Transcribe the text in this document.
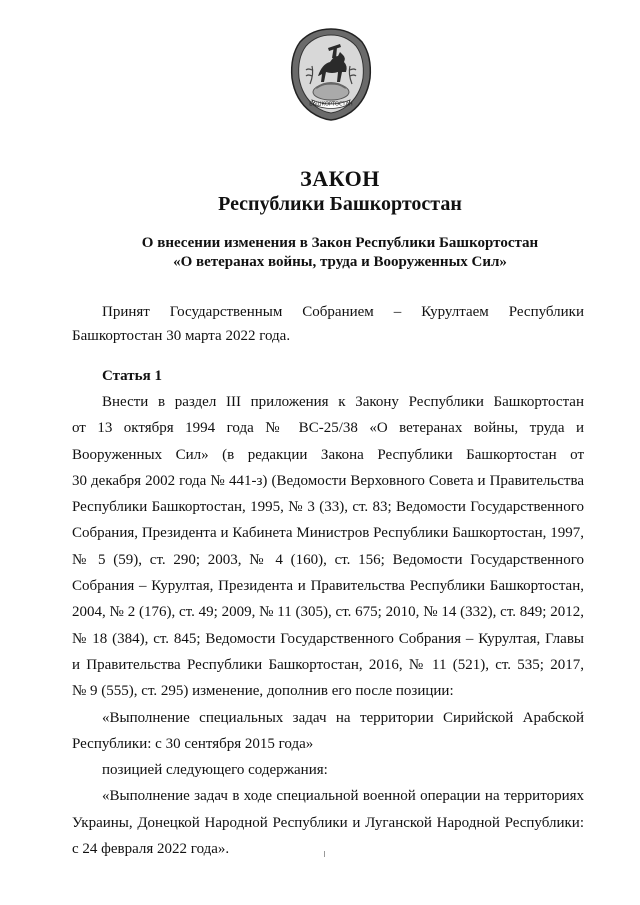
БАШКОРТОСТАН
ЗАКОН
Республики Башкортостан
О внесении изменения в Закон Республики Башкортостан
«О ветеранах войны, труда и Вооруженных Сил»
Принят Государственным Собранием – Курултаем Республики
Башкортостан 30 марта 2022 года.
Статья 1
Внести в раздел III приложения к Закону Республики Башкортостан
от 13 октября 1994 года № ВС-25/38 «О ветеранах войны, труда и
Вооруженных Сил» (в редакции Закона Республики Башкортостан от
30 декабря 2002 года № 441-з) (Ведомости Верховного Совета и Правительства
Республики Башкортостан, 1995, № 3 (33), ст. 83; Ведомости Государственного
Собрания, Президента и Кабинета Министров Республики Башкортостан, 1997,
№ 5 (59), ст. 290; 2003, № 4 (160), ст. 156; Ведомости Государственного
Собрания – Курултая, Президента и Правительства Республики Башкортостан,
2004, № 2 (176), ст. 49; 2009, № 11 (305), ст. 675; 2010, № 14 (332), ст. 849; 2012,
№ 18 (384), ст. 845; Ведомости Государственного Собрания – Курултая, Главы
и Правительства Республики Башкортостан, 2016, № 11 (521), ст. 535; 2017,
№ 9 (555), ст. 295) изменение, дополнив его после позиции:
«Выполнение специальных задач на территории Сирийской Арабской
Республики: с 30 сентября 2015 года»
позицией следующего содержания:
«Выполнение задач в ходе специальной военной операции на территориях
Украины, Донецкой Народной Республики и Луганской Народной Республики:
с 24 февраля 2022 года».
